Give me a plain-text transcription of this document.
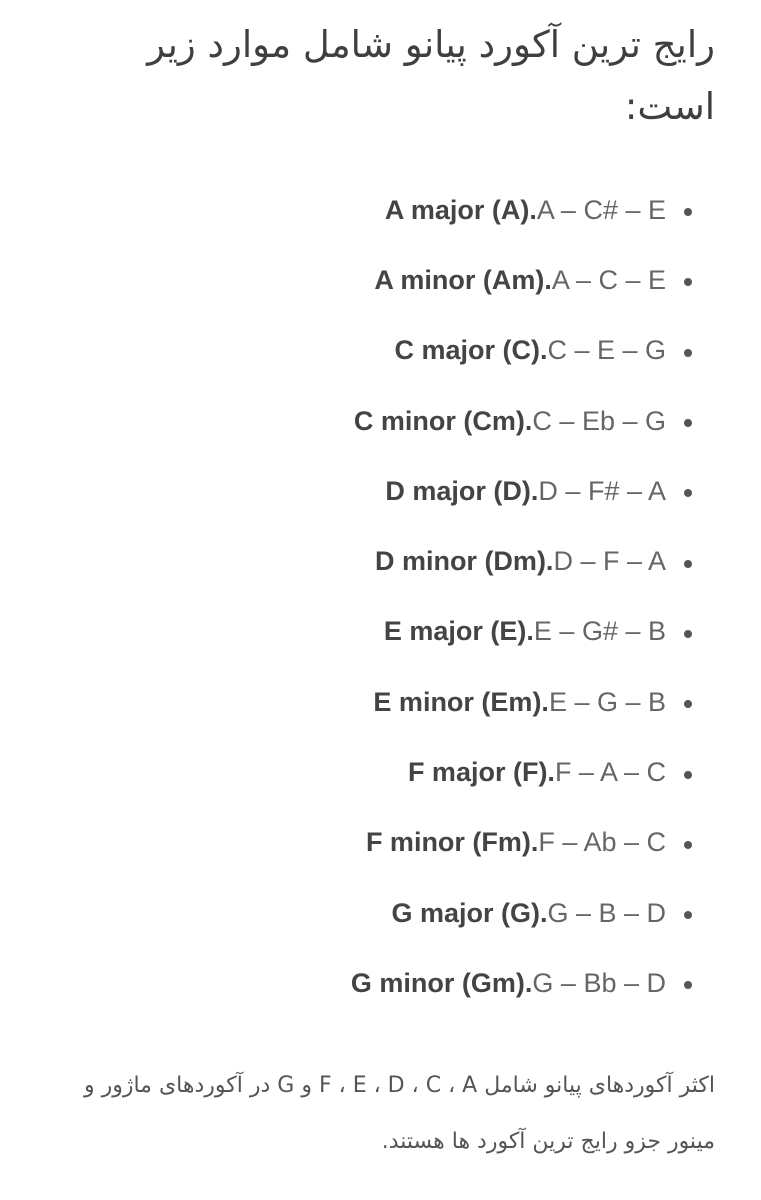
رایج ترین آکورد پیانو شامل موارد زیر است:
A major (A).A – C# – E
A minor (Am).A – C – E
C major (C).C – E – G
C minor (Cm).C – Eb – G
D major (D).D – F# – A
D minor (Dm).D – F – A
E major (E).E – G# – B
E minor (Em).E – G – B
F major (F).F – A – C
F minor (Fm).F – Ab – C
G major (G).G – B – D
G minor (Gm).G – Bb – D

اکثر آکوردهای پیانو شامل F ، E ، D ، C ، A و G در آکوردهای ماژور و مینور جزو رایج ترین آکورد ها هستند.
